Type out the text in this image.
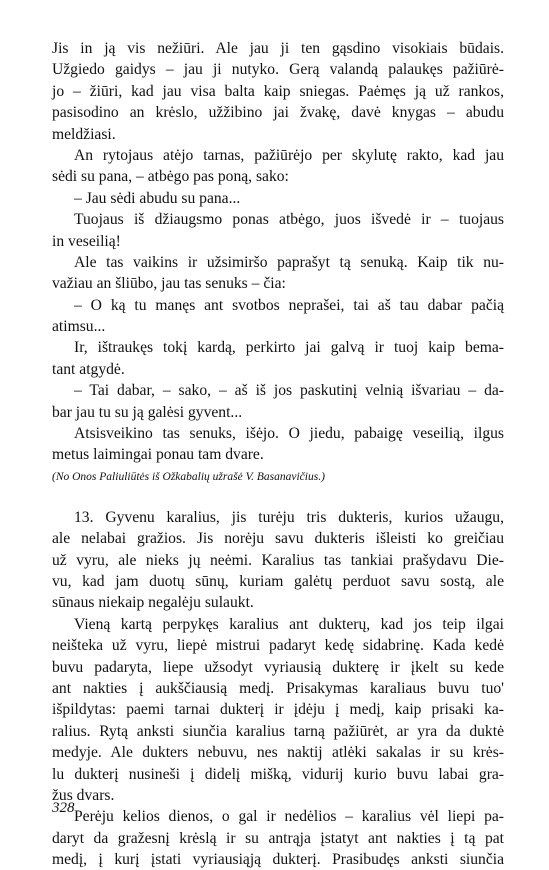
Jis in ją vis nežiūri. Ale jau ji ten gąsdino visokiais būdais.
Užgiedo gaidys – jau ji nutyko. Gerą valandą palaukęs pažiūrė-
jo – žiūri, kad jau visa balta kaip sniegas. Paėmęs ją už rankos,
pasisodino an krėslo, užžibino jai žvakę, davė knygas – abudu
meldžiasi.
An rytojaus atėjo tarnas, pažiūrėjo per skylutę rakto, kad jau
sėdi su pana, – atbėgo pas poną, sako:
– Jau sėdi abudu su pana...
Tuojaus iš džiaugsmo ponas atbėgo, juos išvedė ir – tuojaus
in veseilią!
Ale tas vaikins ir užsimiršo paprašyt tą senuką. Kaip tik nu-
važiau an šliūbo, jau tas senuks – čia:
– O ką tu manęs ant svotbos neprašei, tai aš tau dabar pačią
atimsu...
Ir, ištraukęs tokį kardą, perkirto jai galvą ir tuoj kaip bema-
tant atgydė.
– Tai dabar, – sako, – aš iš jos paskutinį velnią išvariau – da-
bar jau tu su ją galėsi gyvent...
Atsisveikino tas senuks, išėjo. O jiedu, pabaigę veseilią, ilgus
metus laimingai ponau tam dvare.
(No Onos Paliuliūtės iš Ožkabalių užrašė V. Basanavičius.)
13. Gyvenu karalius, jis turėju tris dukteris, kurios užaugu,
ale nelabai gražios. Jis norėju savu dukteris išleisti ko greičiau
už vyru, ale nieks jų neėmi. Karalius tas tankiai prašydavu Die-
vu, kad jam duotų sūnų, kuriam galėtų perduot savu sostą, ale
sūnaus niekaip negalėju sulaukt.
Vieną kartą perpykęs karalius ant dukterų, kad jos teip ilgai
neišteka už vyru, liepė mistrui padaryt kedę sidabrinę. Kada kedė
buvu padaryta, liepe užsodyt vyriausią dukterę ir įkelt su kede
ant nakties į aukščiausią medį. Prisakymas karaliaus buvu tuo'
išpildytas: paemi tarnai dukterį ir įdėju į medį, kaip prisaki ka-
ralius. Rytą anksti siunčia karalius tarną pažiūrėt, ar yra da duktė
medyje. Ale dukters nebuvu, nes naktij atlėki sakalas ir su krės-
lu dukterį nusineši į didelį mišką, vidurij kurio buvu labai gra-
žus dvars.
Perėju kelios dienos, o gal ir nedėlios – karalius vėl liepi pa-
daryt da gražesnį krėslą ir su antrąja įstatyt ant nakties į tą pat
medį, į kurį įstati vyriausiąją dukterį. Prasibudęs anksti siunčia
328
